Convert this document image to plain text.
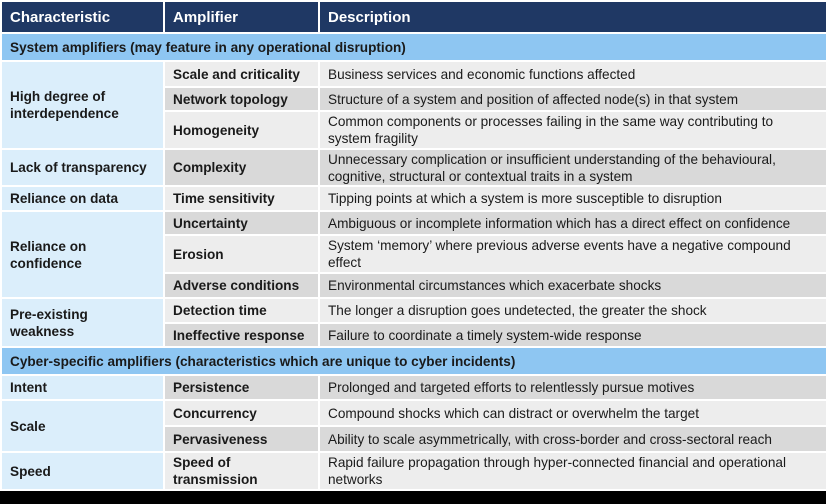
Characteristic	Amplifier	Description
System amplifiers (may feature in any operational disruption)		
High degree of interdependence	Scale and criticality	Business services and economic functions affected
	Network topology	Structure of a system and position of affected node(s) in that system
	Homogeneity	Common components or processes failing in the same way contributing to system fragility
Lack of transparency	Complexity	Unnecessary complication or insufficient understanding of the behavioural, cognitive, structural or contextual traits in a system
Reliance on data	Time sensitivity	Tipping points at which a system is more susceptible to disruption
Reliance on confidence	Uncertainty	Ambiguous or incomplete information which has a direct effect on confidence
	Erosion	System ‘memory’ where previous adverse events have a negative compound effect
	Adverse conditions	Environmental circumstances which exacerbate shocks
Pre-existing weakness	Detection time	The longer a disruption goes undetected, the greater the shock
	Ineffective response	Failure to coordinate a timely system-wide response
Cyber-specific amplifiers (characteristics which are unique to cyber incidents)		
Intent	Persistence	Prolonged and targeted efforts to relentlessly pursue motives
Scale	Concurrency	Compound shocks which can distract or overwhelm the target
	Pervasiveness	Ability to scale asymmetrically, with cross-border and cross-sectoral reach
Speed	Speed of transmission	Rapid failure propagation through hyper-connected financial and operational networks
